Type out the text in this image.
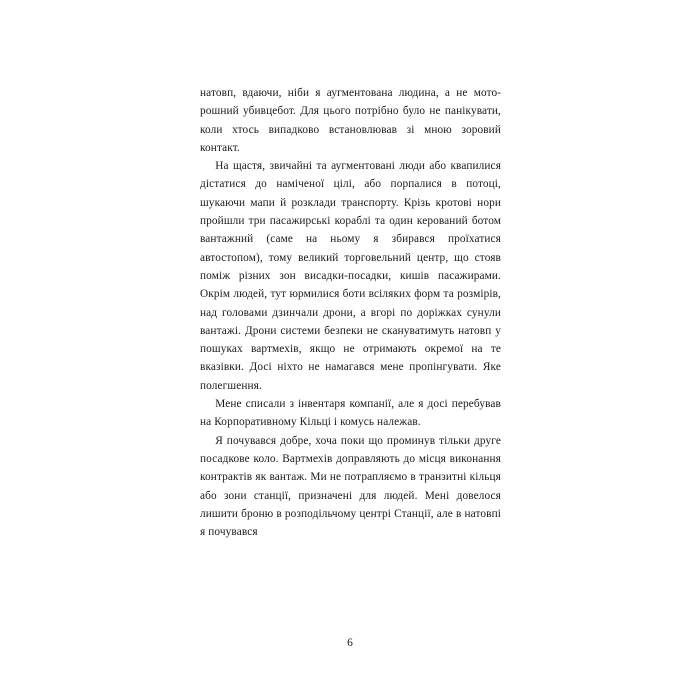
натовп, вдаючи, ніби я аугментована людина, а не моторошний убивцебот. Для цього потрібно було не панікувати, коли хтось випадково встановлював зі мною зоровий контакт.

На щастя, звичайні та аугментовані люди або квапилися дістатися до наміченої цілі, або порпалися в потоці, шукаючи мапи й розклади транспорту. Крізь кротові нори пройшли три пасажирські кораблі та один керований ботом вантажний (саме на ньому я збирався проїхатися автостопом), тому великий торговельний центр, що стояв поміж різних зон висадки-посадки, кишів пасажирами. Окрім людей, тут юрмилися боти всіляких форм та розмірів, над головами дзинчали дрони, а вгорі по доріжках сунули вантажі. Дрони системи безпеки не скануватимуть натовп у пошуках вартмехів, якщо не отримають окремої на те вказівки. Досі ніхто не намагався мене пропінгувати. Яке полегшення.

Мене списали з інвентаря компанії, але я досі перебував на Корпоративному Кільці і комусь належав.

Я почувався добре, хоча поки що проминув тільки друге посадкове коло. Вартмехів доправляють до місця виконання контрактів як вантаж. Ми не потрапляємо в транзитні кільця або зони станції, призначені для людей. Мені довелося лишити броню в розподільчому центрі Станції, але в натовпі я почувався

6
